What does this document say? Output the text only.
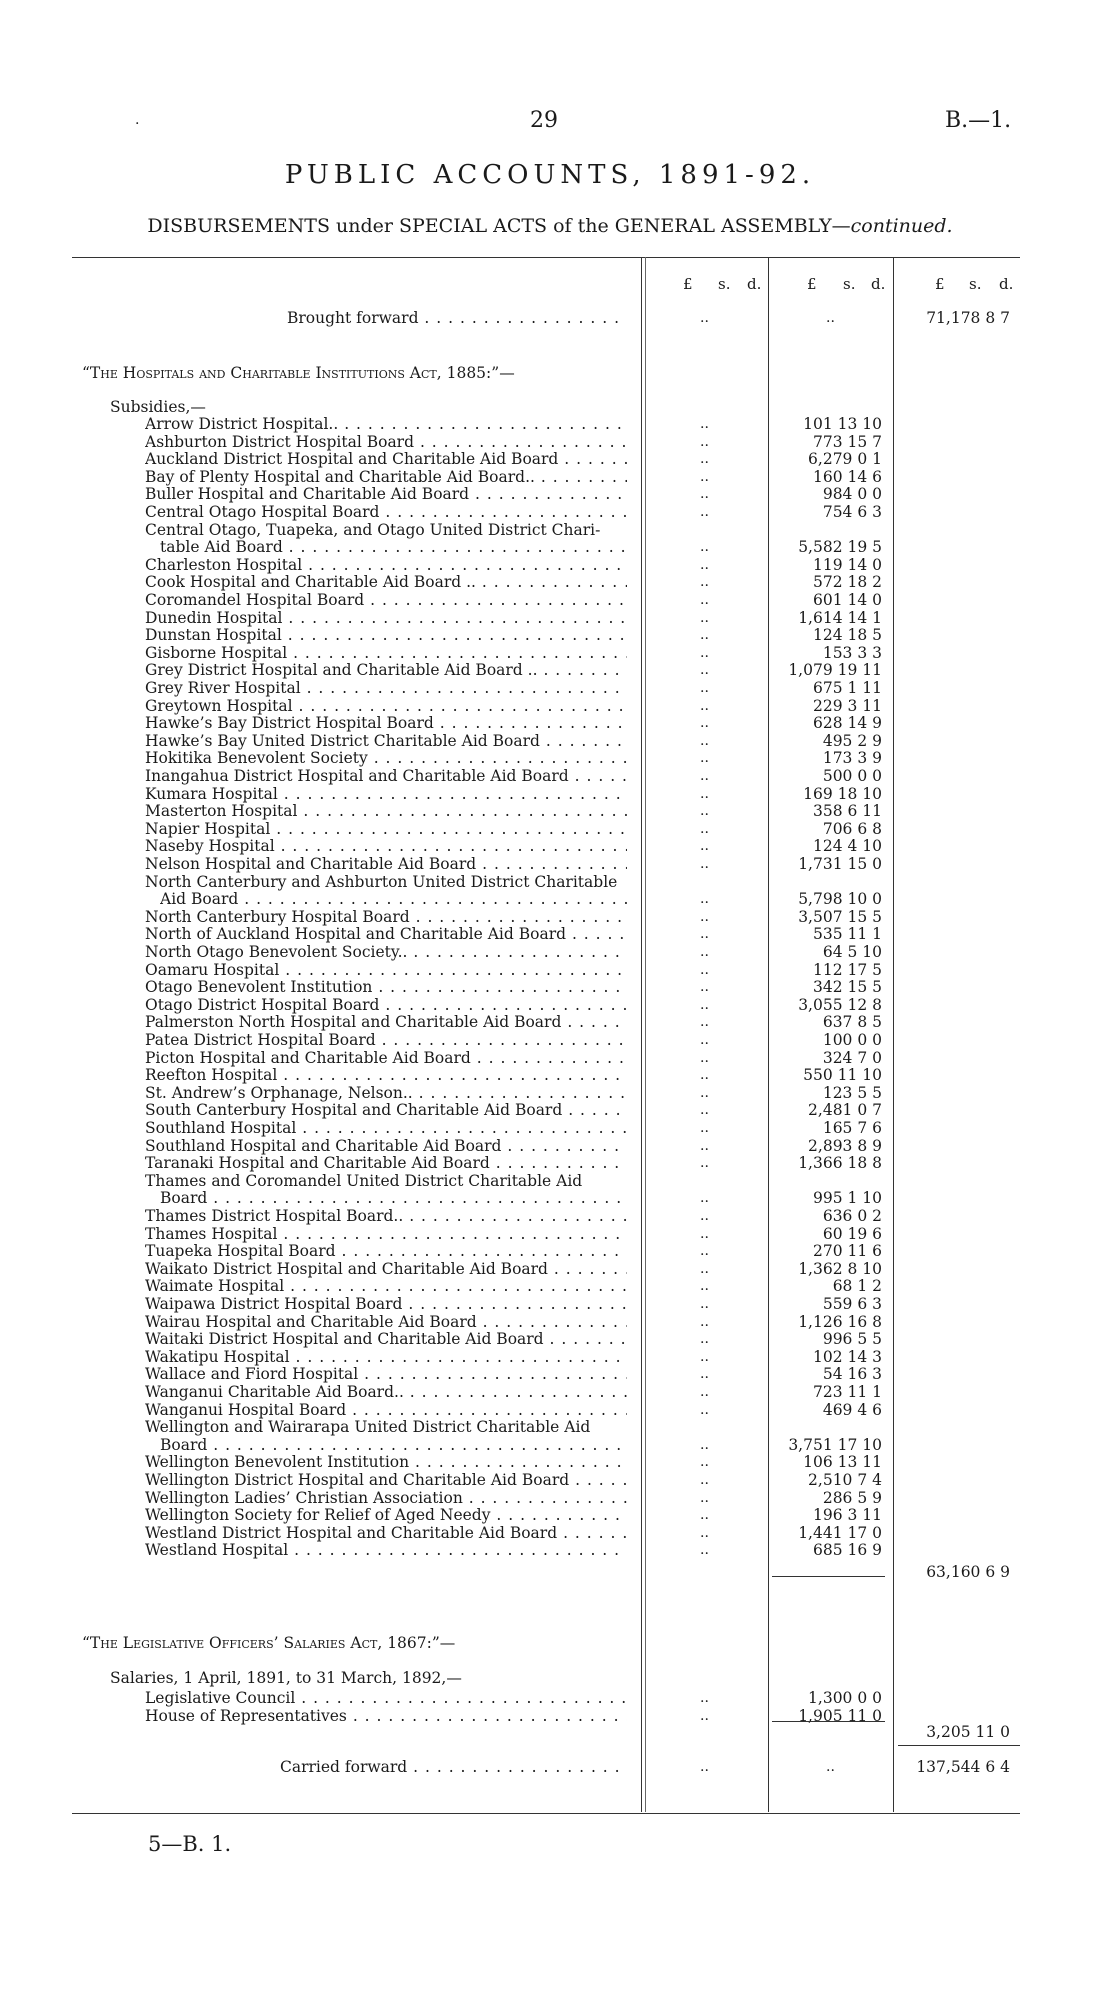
.	29	B.—1.
PUBLIC ACCOUNTS, 1891-92.
DISBURSEMENTS under SPECIAL ACTS of the GENERAL ASSEMBLY—continued.
£ s. d.	£ s. d.	£ s. d.
Brought forward . .	..	..	71,178 8 7
“The Hospitals and Charitable Institutions Act, 1885:”—
Subsidies,—
Arrow District Hospital.. . .	..	101 13 10
Ashburton District Hospital Board . .	..	773 15 7
Auckland District Hospital and Charitable Aid Board . .	..	6,279 0 1
Bay of Plenty Hospital and Charitable Aid Board.. . .	..	160 14 6
Buller Hospital and Charitable Aid Board . .	..	984 0 0
Central Otago Hospital Board . .	..	754 6 3
Central Otago, Tuapeka, and Otago United District Chari-
table Aid Board . .	..	5,582 19 5
Charleston Hospital . .	..	119 14 0
Cook Hospital and Charitable Aid Board .. . .	..	572 18 2
Coromandel Hospital Board . .	..	601 14 0
Dunedin Hospital . .	..	1,614 14 1
Dunstan Hospital . .	..	124 18 5
Gisborne Hospital . .	..	153 3 3
Grey District Hospital and Charitable Aid Board .. . .	..	1,079 19 11
Grey River Hospital . .	..	675 1 11
Greytown Hospital . .	..	229 3 11
Hawke’s Bay District Hospital Board . .	..	628 14 9
Hawke’s Bay United District Charitable Aid Board . .	..	495 2 9
Hokitika Benevolent Society . .	..	173 3 9
Inangahua District Hospital and Charitable Aid Board . .	..	500 0 0
Kumara Hospital . .	..	169 18 10
Masterton Hospital . .	..	358 6 11
Napier Hospital . .	..	706 6 8
Naseby Hospital . .	..	124 4 10
Nelson Hospital and Charitable Aid Board . .	..	1,731 15 0
North Canterbury and Ashburton United District Charitable
Aid Board . .	..	5,798 10 0
North Canterbury Hospital Board . .	..	3,507 15 5
North of Auckland Hospital and Charitable Aid Board . .	..	535 11 1
North Otago Benevolent Society.. . .	..	64 5 10
Oamaru Hospital . .	..	112 17 5
Otago Benevolent Institution . .	..	342 15 5
Otago District Hospital Board . .	..	3,055 12 8
Palmerston North Hospital and Charitable Aid Board . .	..	637 8 5
Patea District Hospital Board . .	..	100 0 0
Picton Hospital and Charitable Aid Board . .	..	324 7 0
Reefton Hospital . .	..	550 11 10
St. Andrew’s Orphanage, Nelson.. . .	..	123 5 5
South Canterbury Hospital and Charitable Aid Board . .	..	2,481 0 7
Southland Hospital . .	..	165 7 6
Southland Hospital and Charitable Aid Board . .	..	2,893 8 9
Taranaki Hospital and Charitable Aid Board . .	..	1,366 18 8
Thames and Coromandel United District Charitable Aid
Board . .	..	995 1 10
Thames District Hospital Board.. . .	..	636 0 2
Thames Hospital . .	..	60 19 6
Tuapeka Hospital Board . .	..	270 11 6
Waikato District Hospital and Charitable Aid Board . .	..	1,362 8 10
Waimate Hospital . .	..	68 1 2
Waipawa District Hospital Board . .	..	559 6 3
Wairau Hospital and Charitable Aid Board . .	..	1,126 16 8
Waitaki District Hospital and Charitable Aid Board . .	..	996 5 5
Wakatipu Hospital . .	..	102 14 3
Wallace and Fiord Hospital . .	..	54 16 3
Wanganui Charitable Aid Board.. . .	..	723 11 1
Wanganui Hospital Board . .	..	469 4 6
Wellington and Wairarapa United District Charitable Aid
Board . .	..	3,751 17 10
Wellington Benevolent Institution . .	..	106 13 11
Wellington District Hospital and Charitable Aid Board . .	..	2,510 7 4
Wellington Ladies’ Christian Association . .	..	286 5 9
Wellington Society for Relief of Aged Needy . .	..	196 3 11
Westland District Hospital and Charitable Aid Board . .	..	1,441 17 0
Westland Hospital . .	..	685 16 9
63,160 6 9
“The Legislative Officers’ Salaries Act, 1867:”—
Salaries, 1 April, 1891, to 31 March, 1892,—
Legislative Council . .	..	1,300 0 0
House of Representatives . .	..	1,905 11 0
3,205 11 0
Carried forward . .	..	..	137,544 6 4
5—B. 1.
